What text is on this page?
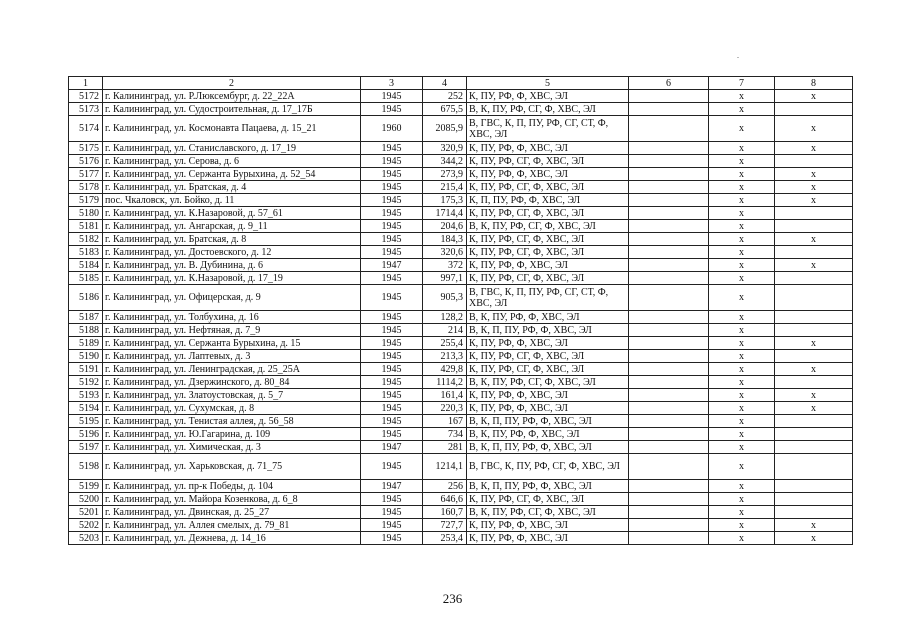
1	2	3	4	5	6	7	8
5172	г. Калининград, ул. Р.Люксембург, д. 22_22А	1945	252	К, ПУ, РФ, Ф, ХВС, ЭЛ		x	x
5173	г. Калининград, ул. Судостроительная, д. 17_17Б	1945	675,5	В, К, ПУ, РФ, СГ, Ф, ХВС, ЭЛ		x	
5174	г. Калининград, ул. Космонавта Пацаева, д. 15_21	1960	2085,9	В, ГВС, К, П, ПУ, РФ, СГ, СТ, Ф, ХВС, ЭЛ		x	x
5175	г. Калининград, ул. Станиславского, д. 17_19	1945	320,9	К, ПУ, РФ, Ф, ХВС, ЭЛ		x	x
5176	г. Калининград, ул. Серова, д. 6	1945	344,2	К, ПУ, РФ, СГ, Ф, ХВС, ЭЛ		x	
5177	г. Калининград, ул. Сержанта Бурыхина, д. 52_54	1945	273,9	К, ПУ, РФ, Ф, ХВС, ЭЛ		x	x
5178	г. Калининград, ул. Братская, д. 4	1945	215,4	К, ПУ, РФ, СГ, Ф, ХВС, ЭЛ		x	x
5179	пос. Чкаловск, ул. Бойко, д. 11	1945	175,3	К, П, ПУ, РФ, Ф, ХВС, ЭЛ		x	x
5180	г. Калининград, ул. К.Назаровой, д. 57_61	1945	1714,4	К, ПУ, РФ, СГ, Ф, ХВС, ЭЛ		x	
5181	г. Калининград, ул. Ангарская, д. 9_11	1945	204,6	В, К, ПУ, РФ, СГ, Ф, ХВС, ЭЛ		x	
5182	г. Калининград, ул. Братская, д. 8	1945	184,3	К, ПУ, РФ, СГ, Ф, ХВС, ЭЛ		x	x
5183	г. Калининград, ул. Достоевского, д. 12	1945	320,6	К, ПУ, РФ, СГ, Ф, ХВС, ЭЛ		x	
5184	г. Калининград, ул. В. Дубинина, д. 6	1947	372	К, ПУ, РФ, Ф, ХВС, ЭЛ		x	x
5185	г. Калининград, ул. К.Назаровой, д. 17_19	1945	997,1	К, ПУ, РФ, СГ, Ф, ХВС, ЭЛ		x	
5186	г. Калининград, ул. Офицерская, д. 9	1945	905,3	В, ГВС, К, П, ПУ, РФ, СГ, СТ, Ф, ХВС, ЭЛ		x	
5187	г. Калининград, ул. Толбухина, д. 16	1945	128,2	В, К, ПУ, РФ, Ф, ХВС, ЭЛ		x	
5188	г. Калининград, ул. Нефтяная, д. 7_9	1945	214	В, К, П, ПУ, РФ, Ф, ХВС, ЭЛ		x	
5189	г. Калининград, ул. Сержанта Бурыхина, д. 15	1945	255,4	К, ПУ, РФ, Ф, ХВС, ЭЛ		x	x
5190	г. Калининград, ул. Лаптевых, д. 3	1945	213,3	К, ПУ, РФ, СГ, Ф, ХВС, ЭЛ		x	
5191	г. Калининград, ул. Ленинградская, д. 25_25А	1945	429,8	К, ПУ, РФ, СГ, Ф, ХВС, ЭЛ		x	x
5192	г. Калининград, ул. Дзержинского, д. 80_84	1945	1114,2	В, К, ПУ, РФ, СГ, Ф, ХВС, ЭЛ		x	
5193	г. Калининград, ул. Златоустовская, д. 5_7	1945	161,4	К, ПУ, РФ, Ф, ХВС, ЭЛ		x	x
5194	г. Калининград, ул. Сухумская, д. 8	1945	220,3	К, ПУ, РФ, Ф, ХВС, ЭЛ		x	x
5195	г. Калининград, ул. Тенистая аллея, д. 56_58	1945	167	В, К, П, ПУ, РФ, Ф, ХВС, ЭЛ		x	
5196	г. Калининград, ул. Ю.Гагарина, д. 109	1945	734	В, К, ПУ, РФ, Ф, ХВС, ЭЛ		x	
5197	г. Калининград, ул. Химическая, д. 3	1947	281	В, К, П, ПУ, РФ, Ф, ХВС, ЭЛ		x	
5198	г. Калининград, ул. Харьковская, д. 71_75	1945	1214,1	В, ГВС, К, ПУ, РФ, СГ, Ф, ХВС, ЭЛ		x	
5199	г. Калининград, ул. пр-к Победы, д. 104	1947	256	В, К, П, ПУ, РФ, Ф, ХВС, ЭЛ		x	
5200	г. Калининград, ул. Майора Козенкова, д. 6_8	1945	646,6	К, ПУ, РФ, СГ, Ф, ХВС, ЭЛ		x	
5201	г. Калининград, ул. Двинская, д. 25_27	1945	160,7	В, К, ПУ, РФ, СГ, Ф, ХВС, ЭЛ		x	
5202	г. Калининград, ул. Аллея смелых, д. 79_81	1945	727,7	К, ПУ, РФ, Ф, ХВС, ЭЛ		x	x
5203	г. Калининград, ул. Дежнева, д. 14_16	1945	253,4	К, ПУ, РФ, Ф, ХВС, ЭЛ		x	x
236
